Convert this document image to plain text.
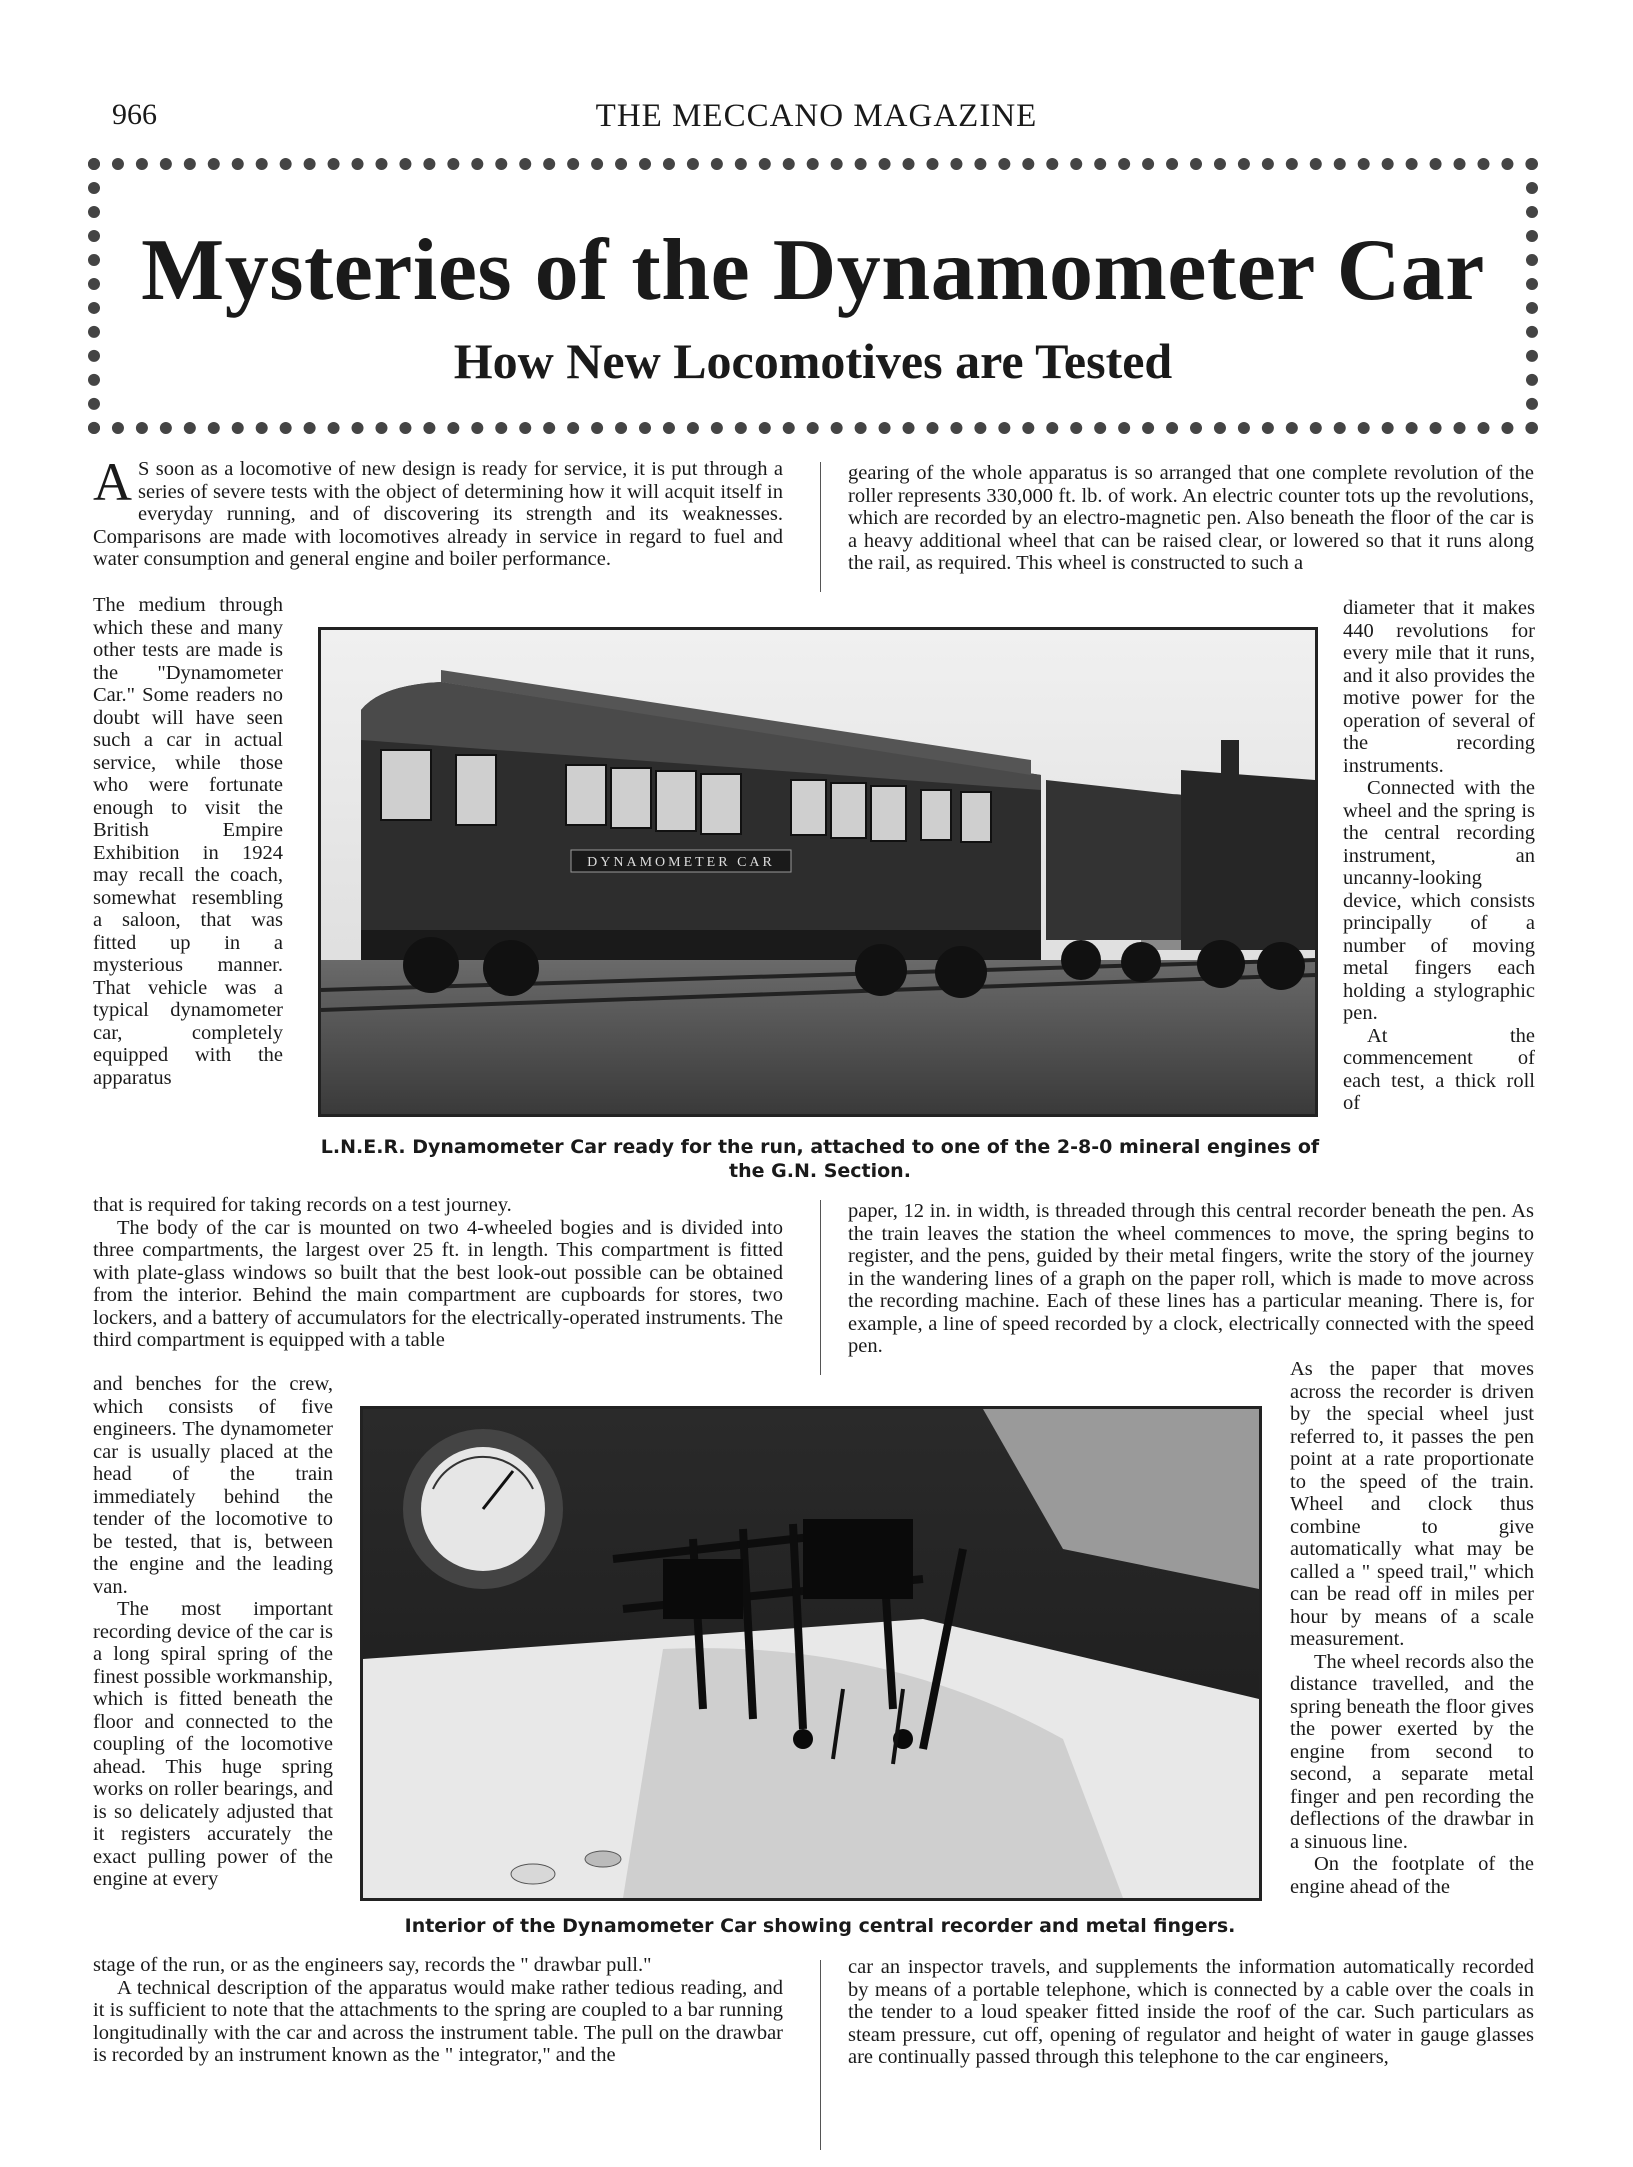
966	THE MECCANO MAGAZINE
Mysteries of the Dynamometer Car
How New Locomotives are Tested
A S soon as a locomotive of new design is ready for service, it is put through a series of severe tests with the object of determining how it will acquit itself in everyday running, and of discovering its strength and its weaknesses. Comparisons are made with locomotives already in service in regard to fuel and water consumption and general engine and boiler performance.

The medium through which these and many other tests are made is the "Dynamometer Car." Some readers no doubt will have seen such a car in actual service, while those who were fortunate enough to visit the British Empire Exhibition in 1924 may recall the coach, somewhat resembling a saloon, that was fitted up in a mysterious manner. That vehicle was a typical dynamometer car, completely equipped with the apparatus

that is required for taking records on a test journey.

The body of the car is mounted on two 4-wheeled bogies and is divided into three compartments, the largest over 25 ft. in length. This compartment is fitted with plate-glass windows so built that the best look-out possible can be obtained from the interior. Behind the main compartment are cupboards for stores, two lockers, and a battery of accumulators for the electrically-operated instruments. The third compartment is equipped with a table

and benches for the crew, which consists of five engineers. The dynamometer car is usually placed at the head of the train immediately behind the tender of the locomotive to be tested, that is, between the engine and the leading van.

The most important recording device of the car is a long spiral spring of the finest possible workmanship, which is fitted beneath the floor and connected to the coupling of the locomotive ahead. This huge spring works on roller bearings, and is so delicately adjusted that it registers accurately the exact pulling power of the engine at every

stage of the run, or as the engineers say, records the " drawbar pull."

A technical description of the apparatus would make rather tedious reading, and it is sufficient to note that the attachments to the spring are coupled to a bar running longitudinally with the car and across the instrument table. The pull on the drawbar is recorded by an instrument known as the " integrator," and the

gearing of the whole apparatus is so arranged that one complete revolution of the roller represents 330,000 ft. lb. of work. An electric counter tots up the revolutions, which are recorded by an electro-magnetic pen. Also beneath the floor of the car is a heavy additional wheel that can be raised clear, or lowered so that it runs along the rail, as required. This wheel is constructed to such a

diameter that it makes 440 revolutions for every mile that it runs, and it also provides the motive power for the operation of several of the recording instruments.

Connected with the wheel and the spring is the central recording instrument, an uncanny-looking device, which consists principally of a number of moving metal fingers each holding a stylographic pen.

At the commencement of each test, a thick roll of

paper, 12 in. in width, is threaded through this central recorder beneath the pen. As the train leaves the station the wheel commences to move, the spring begins to register, and the pens, guided by their metal fingers, write the story of the journey in the wandering lines of a graph on the paper roll, which is made to move across the recording machine. Each of these lines has a particular meaning. There is, for example, a line of speed recorded by a clock, electrically connected with the speed pen.

As the paper that moves across the recorder is driven by the special wheel just referred to, it passes the pen point at a rate proportionate to the speed of the train. Wheel and clock thus combine to give automatically what may be called a " speed trail," which can be read off in miles per hour by means of a scale measurement.

The wheel records also the distance travelled, and the spring beneath the floor gives the power exerted by the engine from second to second, a separate metal finger and pen recording the deflections of the drawbar in a sinuous line.

On the footplate of the engine ahead of the

car an inspector travels, and supplements the information automatically recorded by means of a portable telephone, which is connected by a cable over the coals in the tender to a loud speaker fitted inside the roof of the car. Such particulars as steam pressure, cut off, opening of regulator and height of water in gauge glasses are continually passed through this telephone to the car engineers,

DYNAMOMETER CAR
L.N.E.R. Dynamometer Car ready for the run, attached to one of the 2-8-0 mineral engines of the G.N. Section.
Interior of the Dynamometer Car showing central recorder and metal fingers.
